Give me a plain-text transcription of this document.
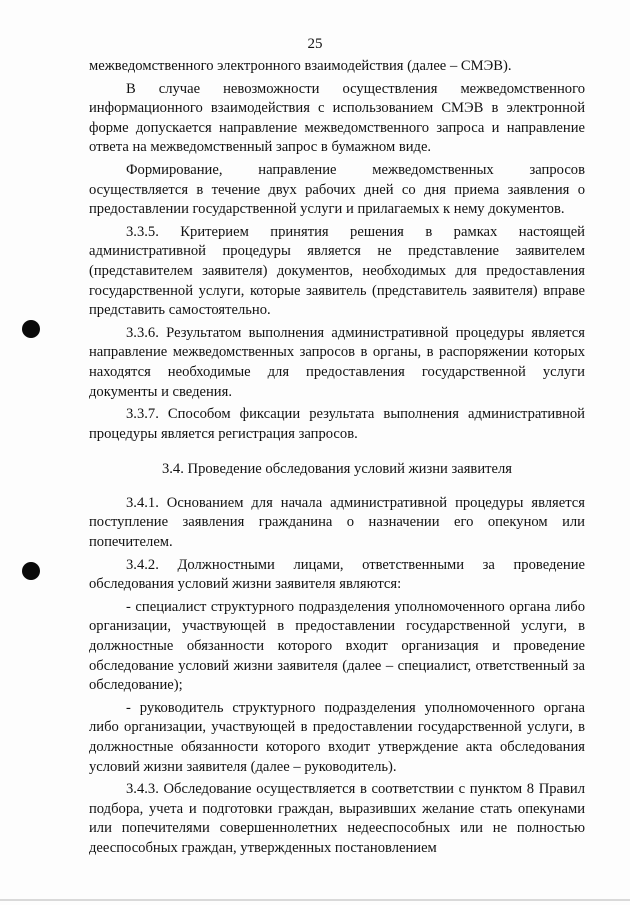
25

межведомственного электронного взаимодействия (далее – СМЭВ).

В случае невозможности осуществления межведомственного информационного взаимодействия с использованием СМЭВ в электронной форме допускается направление межведомственного запроса и направление ответа на межведомственный запрос в бумажном виде.

Формирование, направление межведомственных запросов осуществляется в течение двух рабочих дней со дня приема заявления о предоставлении государственной услуги и прилагаемых к нему документов.

3.3.5. Критерием принятия решения в рамках настоящей административной процедуры является не представление заявителем (представителем заявителя) документов, необходимых для предоставления государственной услуги, которые заявитель (представитель заявителя) вправе представить самостоятельно.

3.3.6. Результатом выполнения административной процедуры является направление межведомственных запросов в органы, в распоряжении которых находятся необходимые для предоставления государственной услуги документы и сведения.

3.3.7. Способом фиксации результата выполнения административной процедуры является регистрация запросов.

3.4. Проведение обследования условий жизни заявителя

3.4.1. Основанием для начала административной процедуры является поступление заявления гражданина о назначении его опекуном или попечителем.

3.4.2. Должностными лицами, ответственными за проведение обследования условий жизни заявителя являются:

- специалист структурного подразделения уполномоченного органа либо организации, участвующей в предоставлении государственной услуги, в должностные обязанности которого входит организация и проведение обследование условий жизни заявителя (далее – специалист, ответственный за обследование);

- руководитель структурного подразделения уполномоченного органа либо организации, участвующей в предоставлении государственной услуги, в должностные обязанности которого входит утверждение акта обследования условий жизни заявителя (далее – руководитель).

3.4.3. Обследование осуществляется в соответствии с пунктом 8 Правил подбора, учета и подготовки граждан, выразивших желание стать опекунами или попечителями совершеннолетних недееспособных или не полностью дееспособных граждан, утвержденных постановлением
